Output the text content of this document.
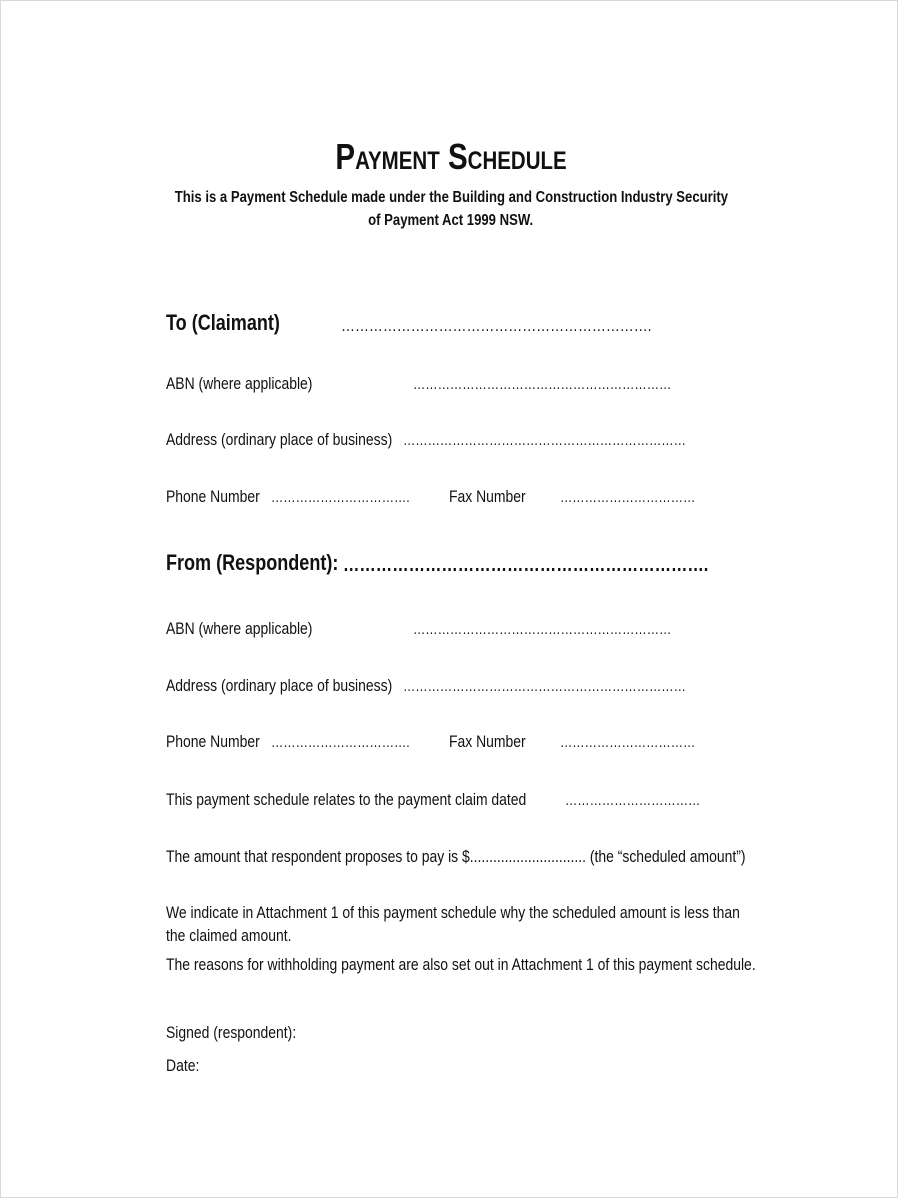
Payment Schedule
This is a Payment Schedule made under the Building and Construction Industry Security
of Payment Act 1999 NSW.
To (Claimant)	………………………………………………………….
ABN (where applicable)	………………………………………………………
Address (ordinary place of business) ……………………………………………………………
Phone Number ……………………………. Fax Number ……………………………
From (Respondent): ………………………………………………………….
ABN (where applicable)	………………………………………………………
Address (ordinary place of business) ……………………………………………………………
Phone Number ……………………………. Fax Number ……………………………
This payment schedule relates to the payment claim dated	……………………………
The amount that respondent proposes to pay is $.............................. (the “scheduled amount”)
We indicate in Attachment 1 of this payment schedule why the scheduled amount is less than
the claimed amount.
The reasons for withholding payment are also set out in Attachment 1 of this payment schedule.
Signed (respondent):
Date:
